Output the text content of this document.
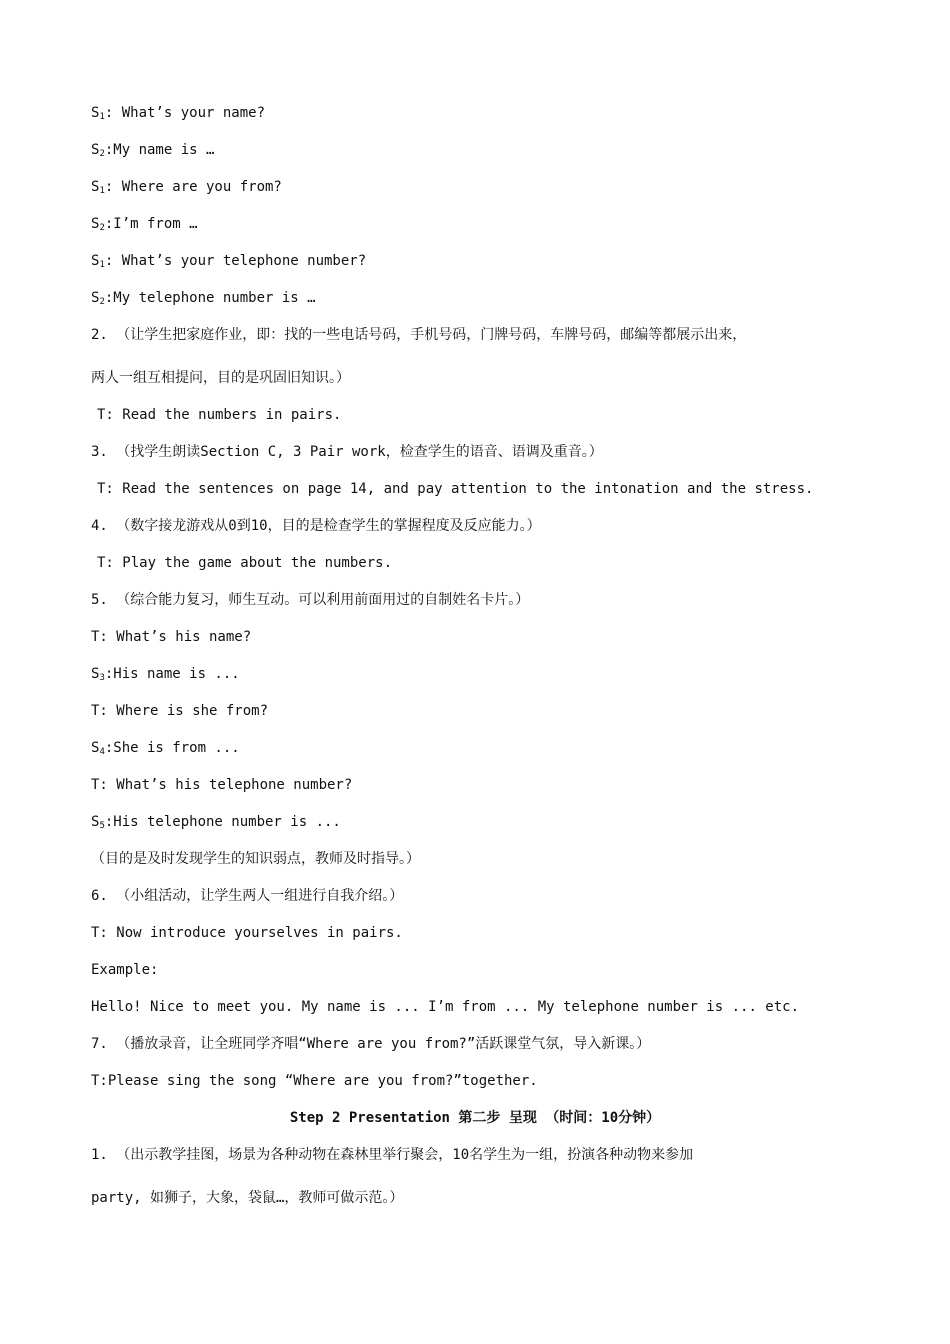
$S_1$: What’s your name?
$S_2:My$ name is …
$S_1$: Where are you from?
$S_2:I’m$ from …
$S_1$: What’s your telephone number?
$S_2:My$ telephone number is …
2. （让学生把家庭作业，即：找的一些电话号码，手机号码，门牌号码，车牌号码，邮编等都展示出来，
两人一组互相提问，目的是巩固旧知识。）
T: Read the numbers in pairs.
3. （找学生朗读Section C, 3 Pair work，检查学生的语音、语调及重音。）
T: Read the sentences on page 14, and pay attention to the intonation and the stress.
4. （数字接龙游戏从0到10，目的是检查学生的掌握程度及反应能力。）
T: Play the game about the numbers.
5. （综合能力复习，师生互动。可以利用前面用过的自制姓名卡片。）
T: What’s his name?
$S_3:His$ name is ...
T: Where is she from?
$S_4:She$ is from ...
T: What’s his telephone number?
$S_5:His$ telephone number is ...
（目的是及时发现学生的知识弱点，教师及时指导。）
6. （小组活动，让学生两人一组进行自我介绍。）
T: Now introduce yourselves in pairs.
Example:
Hello! Nice to meet you. My name is ... I’m from ... My telephone number is ... etc.
7. （播放录音，让全班同学齐唱“Where are you from?”活跃课堂气氛，导入新课。）
T:Please sing the song “Where are you from?”together.
Step 2 Presentation 第二步 呈现 （时间：10分钟）
1. （出示教学挂图，场景为各种动物在森林里举行聚会，10名学生为一组，扮演各种动物来参加
party, 如狮子，大象，袋鼠…，教师可做示范。）
